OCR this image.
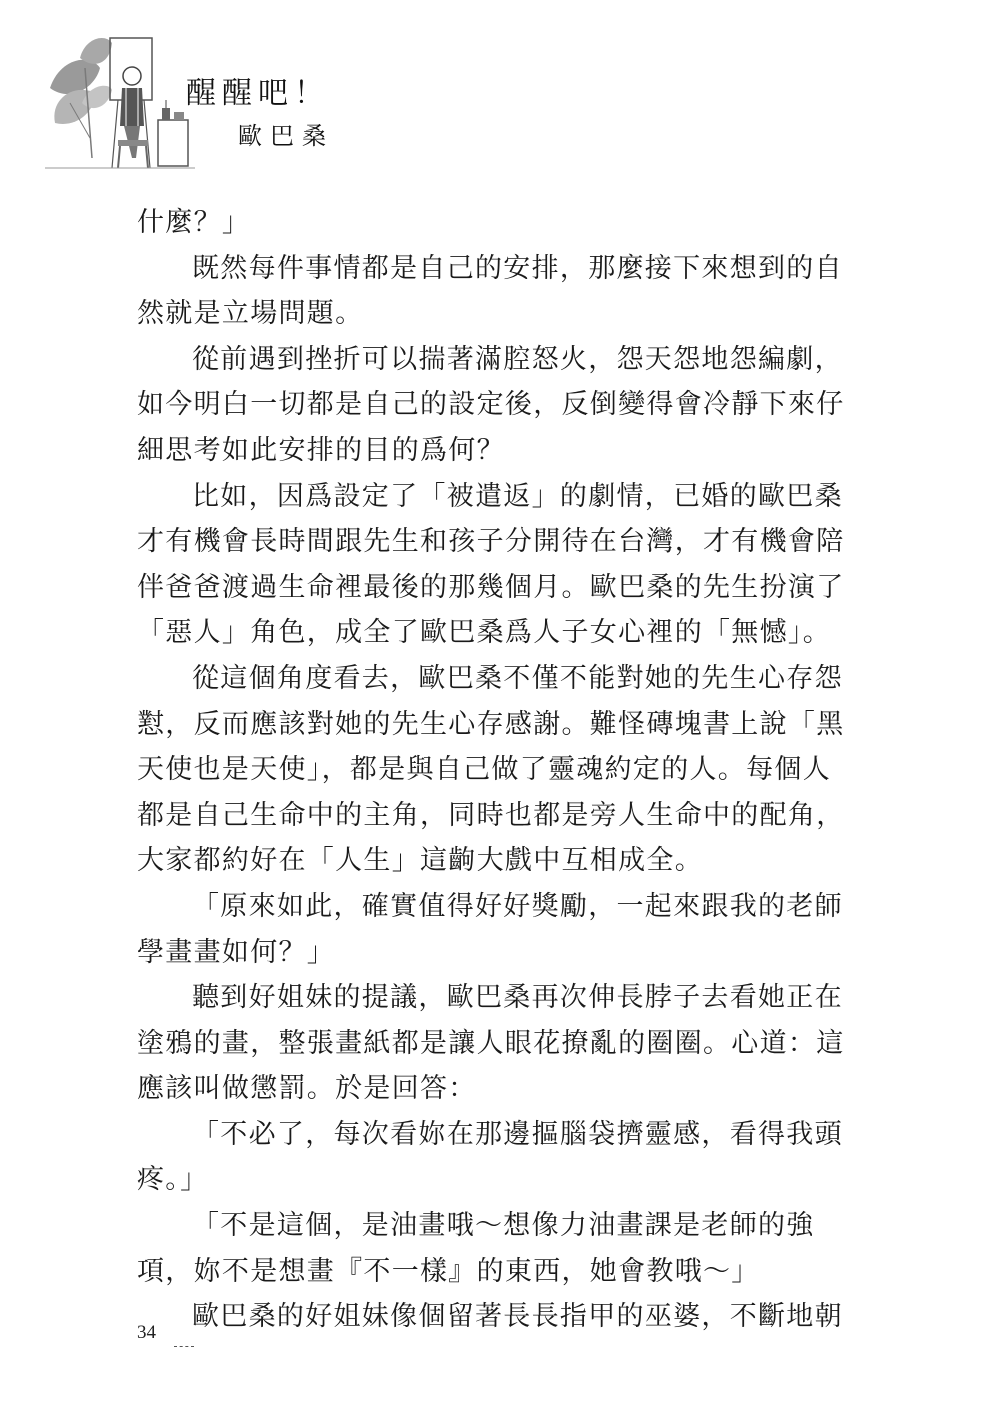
醒醒吧！
歐巴桑
什麼？」
既然每件事情都是自己的安排，那麼接下來想到的自
然就是立場問題。
從前遇到挫折可以揣著滿腔怒火，怨天怨地怨編劇，
如今明白一切都是自己的設定後，反倒變得會冷靜下來仔
細思考如此安排的目的爲何？
比如，因爲設定了「被遣返」的劇情，已婚的歐巴桑
才有機會長時間跟先生和孩子分開待在台灣，才有機會陪
伴爸爸渡過生命裡最後的那幾個月。歐巴桑的先生扮演了
「惡人」角色，成全了歐巴桑爲人子女心裡的「無憾」。
從這個角度看去，歐巴桑不僅不能對她的先生心存怨
懟，反而應該對她的先生心存感謝。難怪磚塊書上說「黑
天使也是天使」，都是與自己做了靈魂約定的人。每個人
都是自己生命中的主角，同時也都是旁人生命中的配角，
大家都約好在「人生」這齣大戲中互相成全。
「原來如此，確實值得好好獎勵，一起來跟我的老師
學畫畫如何？」
聽到好姐妹的提議，歐巴桑再次伸長脖子去看她正在
塗鴉的畫，整張畫紙都是讓人眼花撩亂的圈圈。心道：這
應該叫做懲罰。於是回答：
「不必了，每次看妳在那邊摳腦袋擠靈感，看得我頭
疼。」
「不是這個，是油畫哦～想像力油畫課是老師的強
項，妳不是想畫『不一樣』的東西，她會教哦～」
歐巴桑的好姐妹像個留著長長指甲的巫婆，不斷地朝
34
